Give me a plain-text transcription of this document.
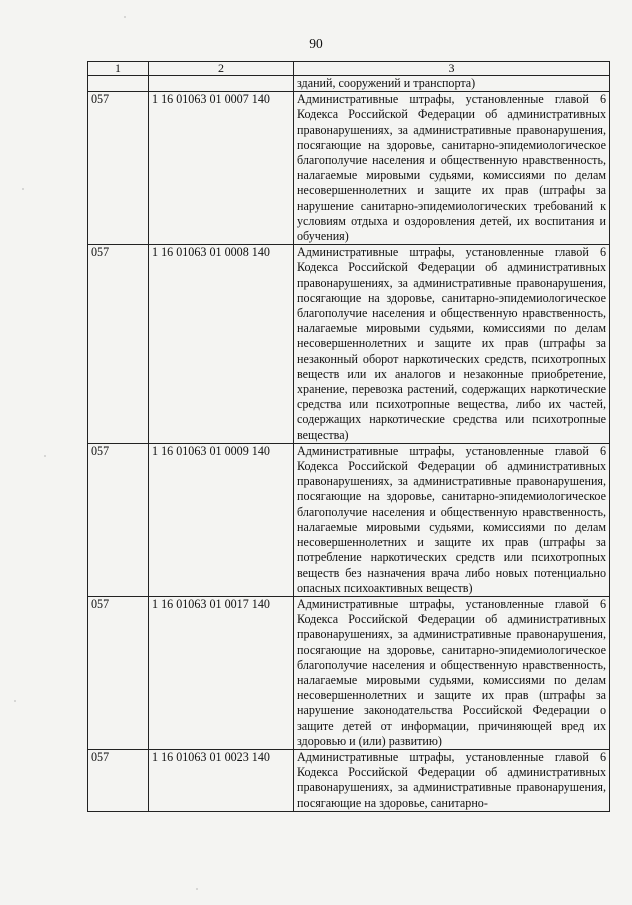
90
1	2	3
		зданий, сооружений и транспорта)
057	1 16 01063 01 0007 140	Административные штрафы, установленные главой 6 Кодекса Российской Федерации об административных правонарушениях, за административные правонарушения, посягающие на здоровье, санитарно-эпидемиологическое благополучие населения и общественную нравственность, налагаемые мировыми судьями, комиссиями по делам несовершеннолетних и защите их прав (штрафы за нарушение санитарно-эпидемиологических требований к условиям отдыха и оздоровления детей, их воспитания и обучения)
057	1 16 01063 01 0008 140	Административные штрафы, установленные главой 6 Кодекса Российской Федерации об административных правонарушениях, за административные правонарушения, посягающие на здоровье, санитарно-эпидемиологическое благополучие населения и общественную нравственность, налагаемые мировыми судьями, комиссиями по делам несовершеннолетних и защите их прав (штрафы за незаконный оборот наркотических средств, психотропных веществ или их аналогов и незаконные приобретение, хранение, перевозка растений, содержащих наркотические средства или психотропные вещества, либо их частей, содержащих наркотические средства или психотропные вещества)
057	1 16 01063 01 0009 140	Административные штрафы, установленные главой 6 Кодекса Российской Федерации об административных правонарушениях, за административные правонарушения, посягающие на здоровье, санитарно-эпидемиологическое благополучие населения и общественную нравственность, налагаемые мировыми судьями, комиссиями по делам несовершеннолетних и защите их прав (штрафы за потребление наркотических средств или психотропных веществ без назначения врача либо новых потенциально опасных психоактивных веществ)
057	1 16 01063 01 0017 140	Административные штрафы, установленные главой 6 Кодекса Российской Федерации об административных правонарушениях, за административные правонарушения, посягающие на здоровье, санитарно-эпидемиологическое благополучие населения и общественную нравственность, налагаемые мировыми судьями, комиссиями по делам несовершеннолетних и защите их прав (штрафы за нарушение законодательства Российской Федерации о защите детей от информации, причиняющей вред их здоровью и (или) развитию)
057	1 16 01063 01 0023 140	Административные штрафы, установленные главой 6 Кодекса Российской Федерации об административных правонарушениях, за административные правонарушения, посягающие на здоровье, санитарно-
